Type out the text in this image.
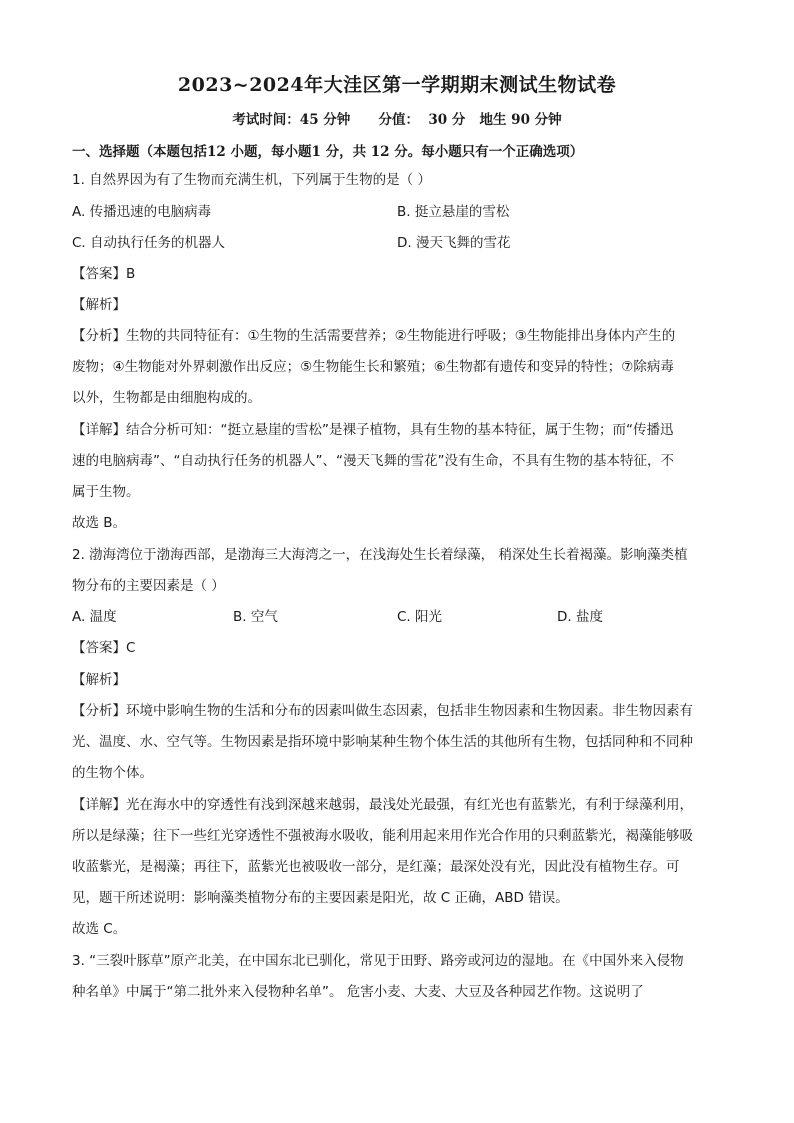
2023~2024年大洼区第一学期期末测试生物试卷
考试时间：45 分钟      分值：  30 分   地生 90 分钟
一、选择题（本题包括12 小题，每小题1 分，共 12 分。每小题只有一个正确选项）
1. 自然界因为有了生物而充满生机，下列属于生物的是（ ）
A. 传播迅速的电脑病毒	B. 挺立悬崖的雪松
C. 自动执行任务的机器人	D. 漫天飞舞的雪花
【答案】B
【解析】
【分析】生物的共同特征有：①生物的生活需要营养；②生物能进行呼吸；③生物能排出身体内产生的
废物；④生物能对外界刺激作出反应；⑤生物能生长和繁殖；⑥生物都有遗传和变异的特性；⑦除病毒
以外，生物都是由细胞构成的。
【详解】结合分析可知：“挺立悬崖的雪松”是裸子植物，具有生物的基本特征，属于生物；而“传播迅
速的电脑病毒”、“自动执行任务的机器人”、“漫天飞舞的雪花”没有生命，不具有生物的基本特征，不
属于生物。
故选 B。
2. 渤海湾位于渤海西部，是渤海三大海湾之一，在浅海处生长着绿藻， 稍深处生长着褐藻。影响藻类植
物分布的主要因素是（ ）
A. 温度	B. 空气	C. 阳光	D. 盐度
【答案】C
【解析】
【分析】环境中影响生物的生活和分布的因素叫做生态因素，包括非生物因素和生物因素。非生物因素有
光、温度、水、空气等。生物因素是指环境中影响某种生物个体生活的其他所有生物，包括同种和不同种
的生物个体。
【详解】光在海水中的穿透性有浅到深越来越弱，最浅处光最强，有红光也有蓝紫光，有利于绿藻利用，
所以是绿藻；往下一些红光穿透性不强被海水吸收，能利用起来用作光合作用的只剩蓝紫光，褐藻能够吸
收蓝紫光，是褐藻；再往下，蓝紫光也被吸收一部分，是红藻；最深处没有光，因此没有植物生存。可
见，题干所述说明：影响藻类植物分布的主要因素是阳光，故 C 正确，ABD 错误。
故选 C。
3. “三裂叶豚草”原产北美，在中国东北已驯化，常见于田野、路旁或河边的湿地。在《中国外来入侵物
种名单》中属于“第二批外来入侵物种名单”。 危害小麦、大麦、大豆及各种园艺作物。这说明了
